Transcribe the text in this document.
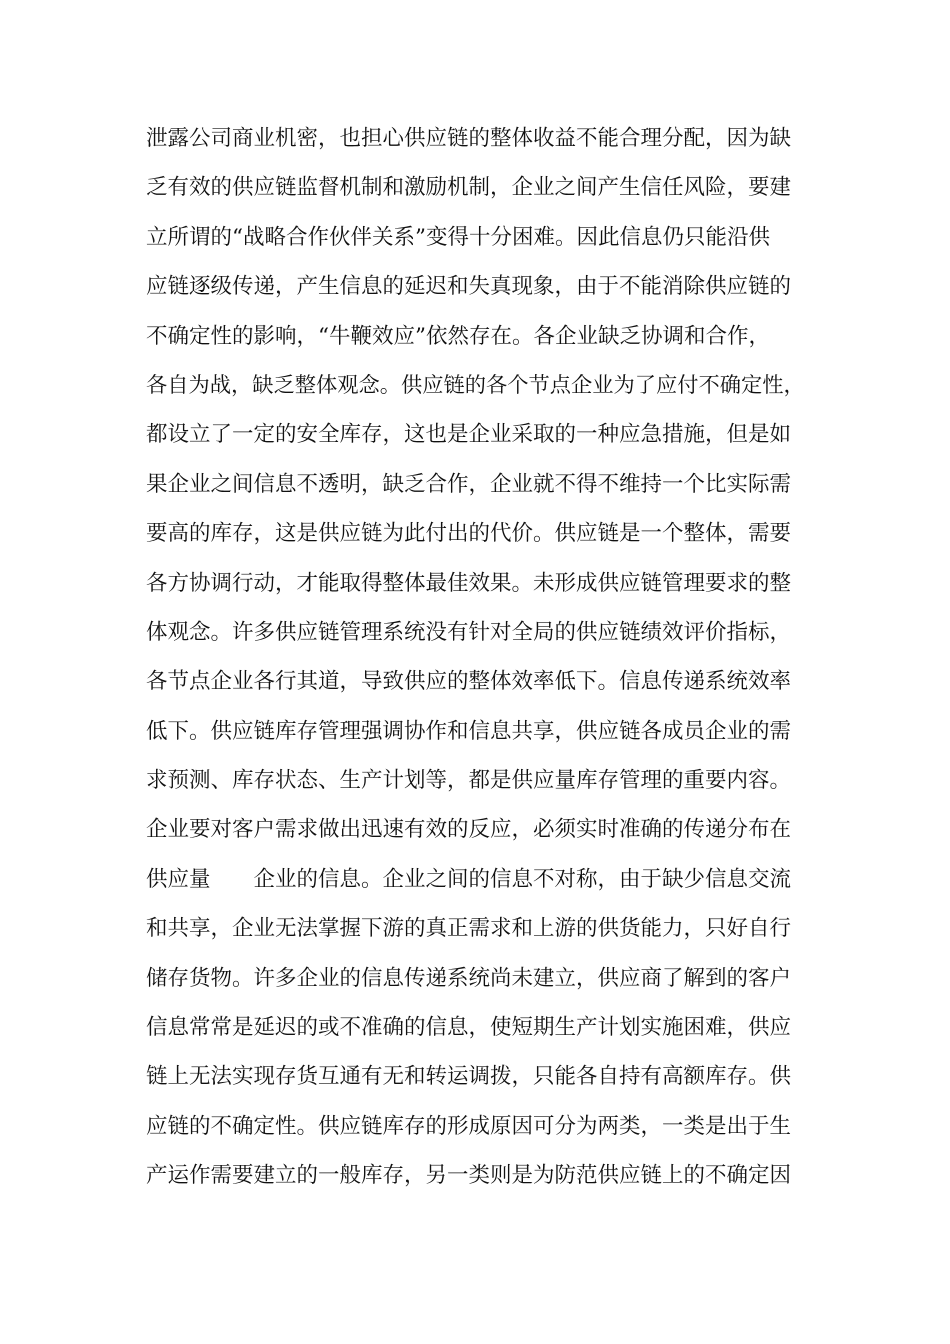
泄露公司商业机密，也担心供应链的整体收益不能合理分配，因为缺
乏有效的供应链监督机制和激励机制，企业之间产生信任风险，要建
立所谓的“战略合作伙伴关系”变得十分困难。因此信息仍只能沿供
应链逐级传递，产生信息的延迟和失真现象，由于不能消除供应链的
不确定性的影响，“牛鞭效应”依然存在。各企业缺乏协调和合作，
各自为战，缺乏整体观念。供应链的各个节点企业为了应付不确定性，
都设立了一定的安全库存，这也是企业采取的一种应急措施，但是如
果企业之间信息不透明，缺乏合作，企业就不得不维持一个比实际需
要高的库存，这是供应链为此付出的代价。供应链是一个整体，需要
各方协调行动，才能取得整体最佳效果。未形成供应链管理要求的整
体观念。许多供应链管理系统没有针对全局的供应链绩效评价指标，
各节点企业各行其道，导致供应的整体效率低下。信息传递系统效率
低下。供应链库存管理强调协作和信息共享，供应链各成员企业的需
求预测、库存状态、生产计划等，都是供应量库存管理的重要内容。
企业要对客户需求做出迅速有效的反应，必须实时准确的传递分布在
供应量　　企业的信息。企业之间的信息不对称，由于缺少信息交流
和共享，企业无法掌握下游的真正需求和上游的供货能力，只好自行
储存货物。许多企业的信息传递系统尚未建立，供应商了解到的客户
信息常常是延迟的或不准确的信息，使短期生产计划实施困难，供应
链上无法实现存货互通有无和转运调拨，只能各自持有高额库存。供
应链的不确定性。供应链库存的形成原因可分为两类，一类是出于生
产运作需要建立的一般库存，另一类则是为防范供应链上的不确定因
